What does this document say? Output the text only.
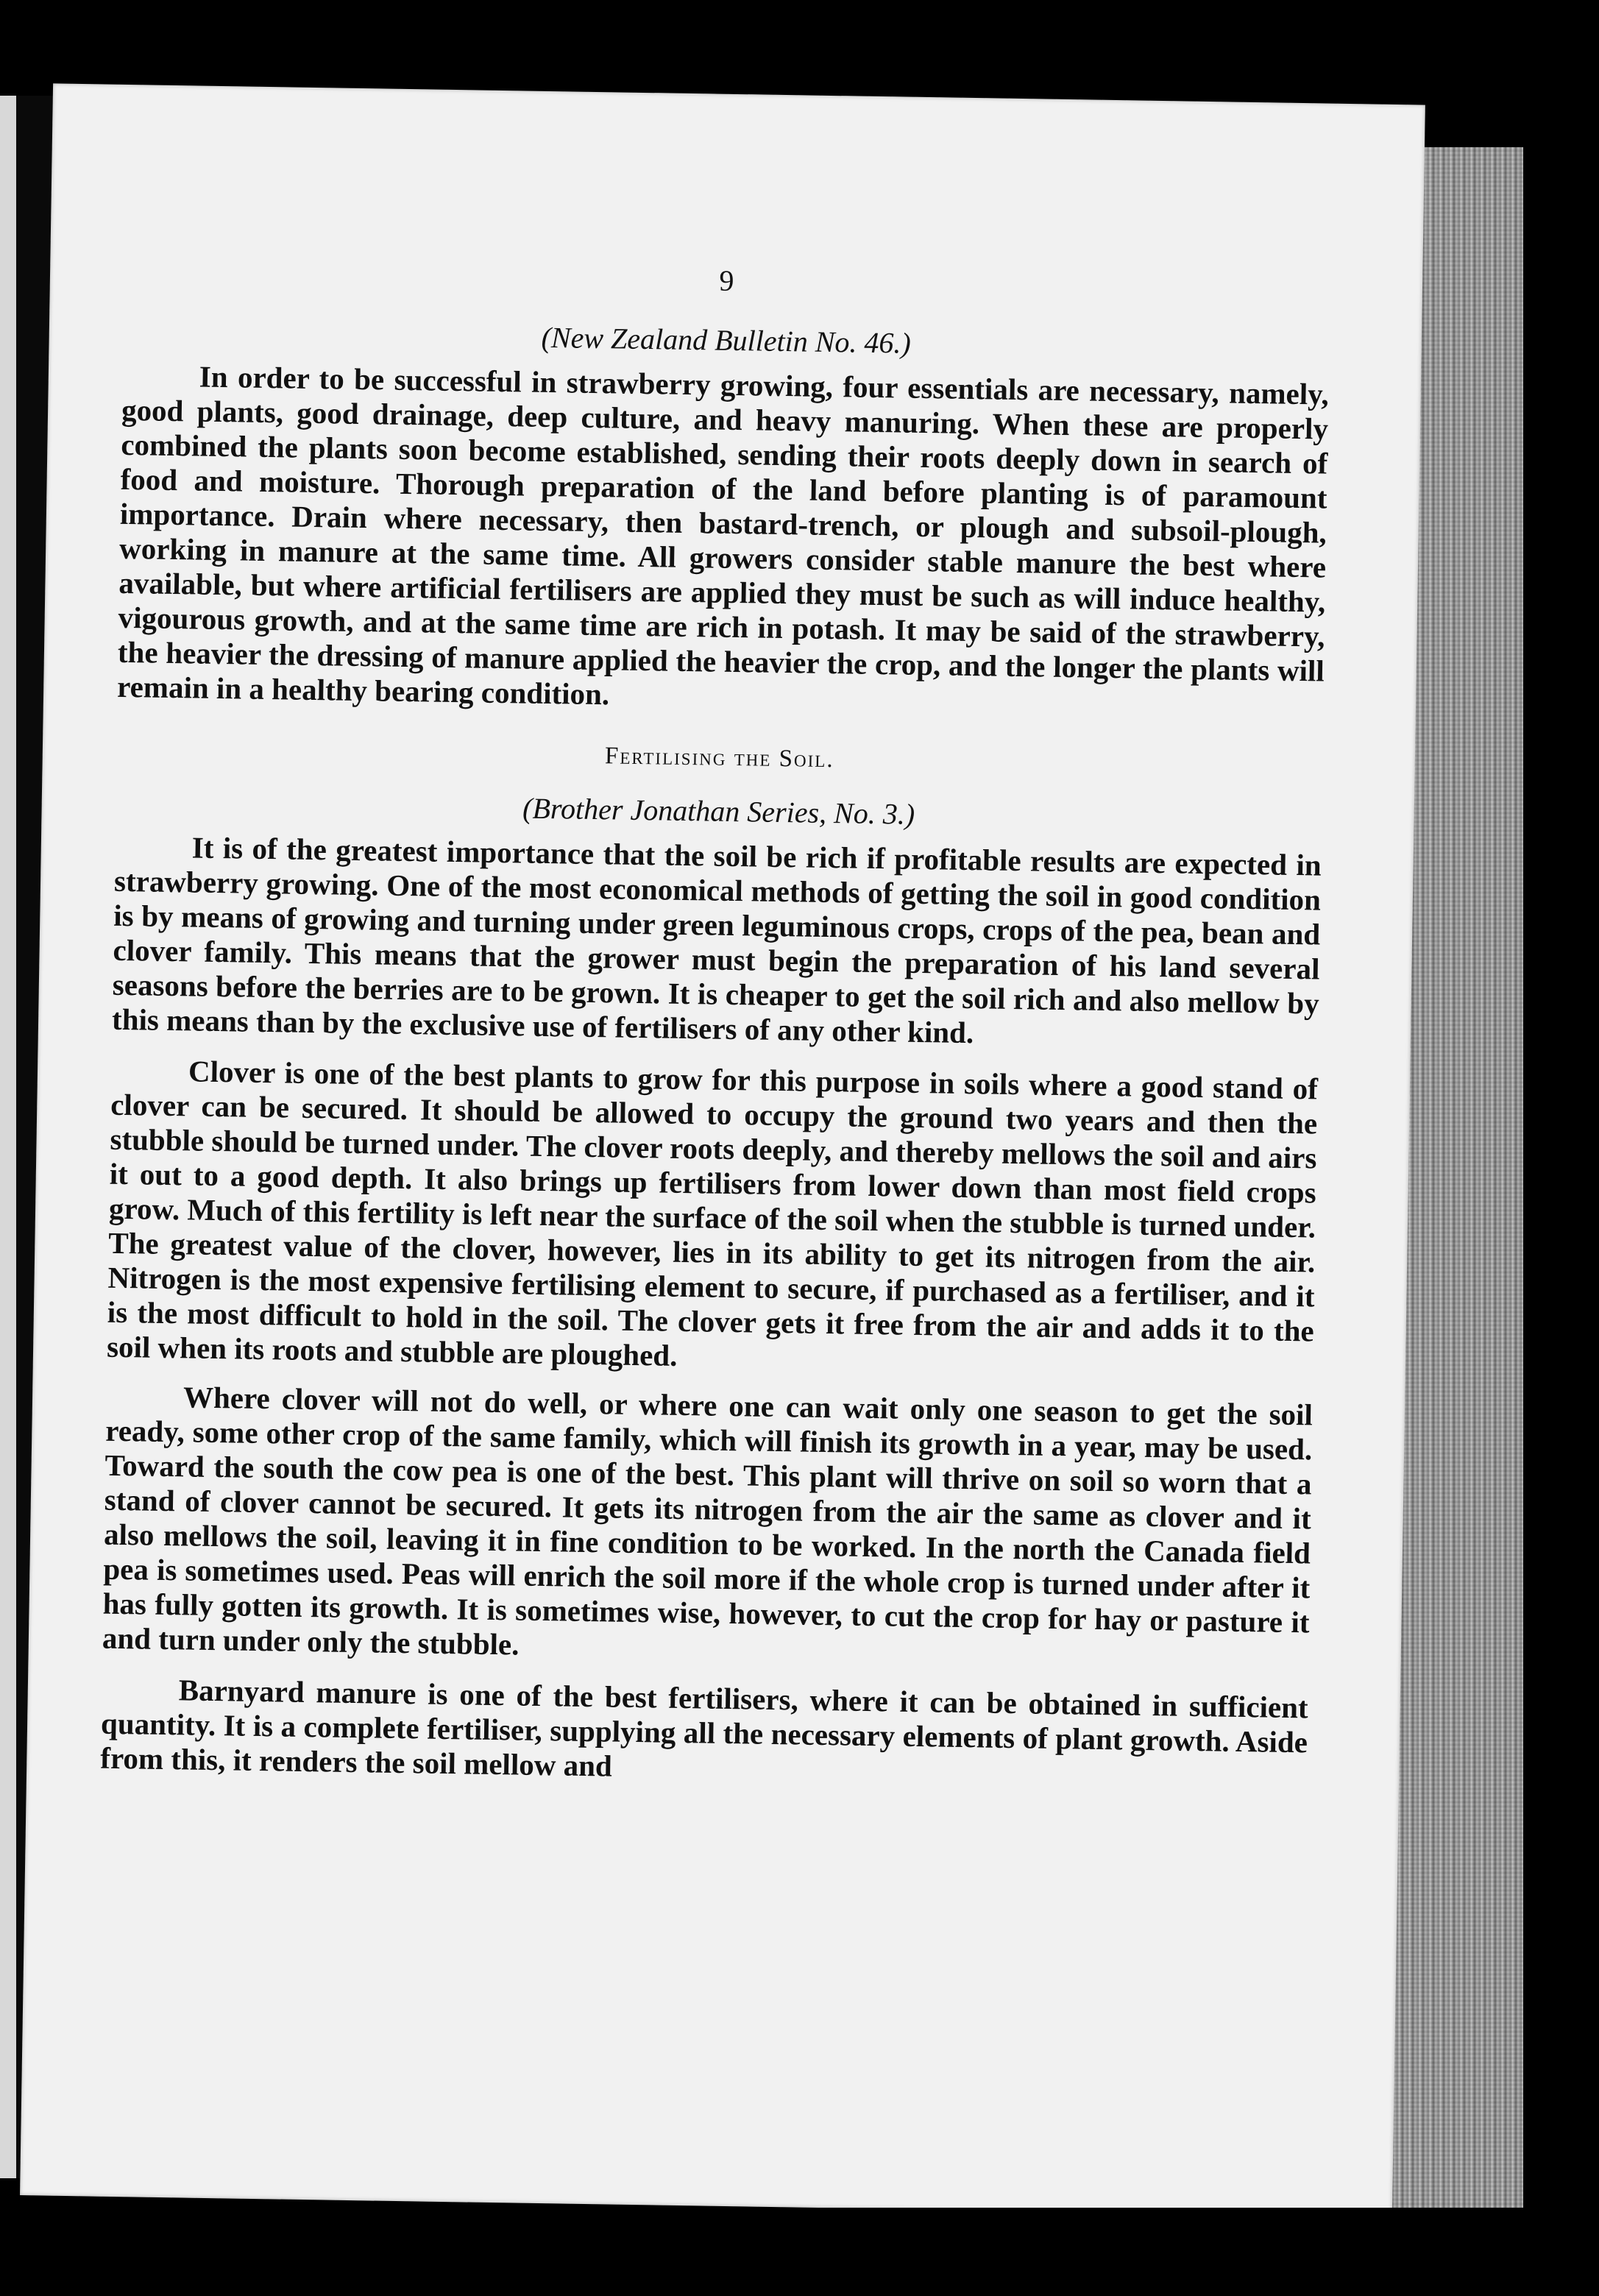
9
(New Zealand Bulletin No. 46.)

In order to be successful in strawberry growing, four essentials are necessary, namely, good plants, good drainage, deep culture, and heavy manuring. When these are properly combined the plants soon become established, sending their roots deeply down in search of food and moisture. Thorough preparation of the land before planting is of paramount importance. Drain where necessary, then bastard-trench, or plough and subsoil-plough, working in manure at the same time. All growers consider stable manure the best where available, but where artificial fertilisers are applied they must be such as will induce healthy, vigourous growth, and at the same time are rich in potash. It may be said of the strawberry, the heavier the dressing of manure applied the heavier the crop, and the longer the plants will remain in a healthy bearing condition.

Fertilising the Soil.
(Brother Jonathan Series, No. 3.)

It is of the greatest importance that the soil be rich if profitable results are expected in strawberry growing. One of the most economical methods of getting the soil in good condition is by means of growing and turning under green leguminous crops, crops of the pea, bean and clover family. This means that the grower must begin the preparation of his land several seasons before the berries are to be grown. It is cheaper to get the soil rich and also mellow by this means than by the exclusive use of fertilisers of any other kind.

Clover is one of the best plants to grow for this purpose in soils where a good stand of clover can be secured. It should be allowed to occupy the ground two years and then the stubble should be turned under. The clover roots deeply, and thereby mellows the soil and airs it out to a good depth. It also brings up fertilisers from lower down than most field crops grow. Much of this fertility is left near the surface of the soil when the stubble is turned under. The greatest value of the clover, however, lies in its ability to get its nitrogen from the air. Nitrogen is the most expensive fertilising element to secure, if purchased as a fertiliser, and it is the most difficult to hold in the soil. The clover gets it free from the air and adds it to the soil when its roots and stubble are ploughed.

Where clover will not do well, or where one can wait only one season to get the soil ready, some other crop of the same family, which will finish its growth in a year, may be used. Toward the south the cow pea is one of the best. This plant will thrive on soil so worn that a stand of clover cannot be secured. It gets its nitrogen from the air the same as clover and it also mellows the soil, leaving it in fine condition to be worked. In the north the Canada field pea is sometimes used. Peas will enrich the soil more if the whole crop is turned under after it has fully gotten its growth. It is sometimes wise, however, to cut the crop for hay or pasture it and turn under only the stubble.

Barnyard manure is one of the best fertilisers, where it can be obtained in sufficient quantity. It is a complete fertiliser, supplying all the necessary elements of plant growth. Aside from this, it renders the soil mellow and
